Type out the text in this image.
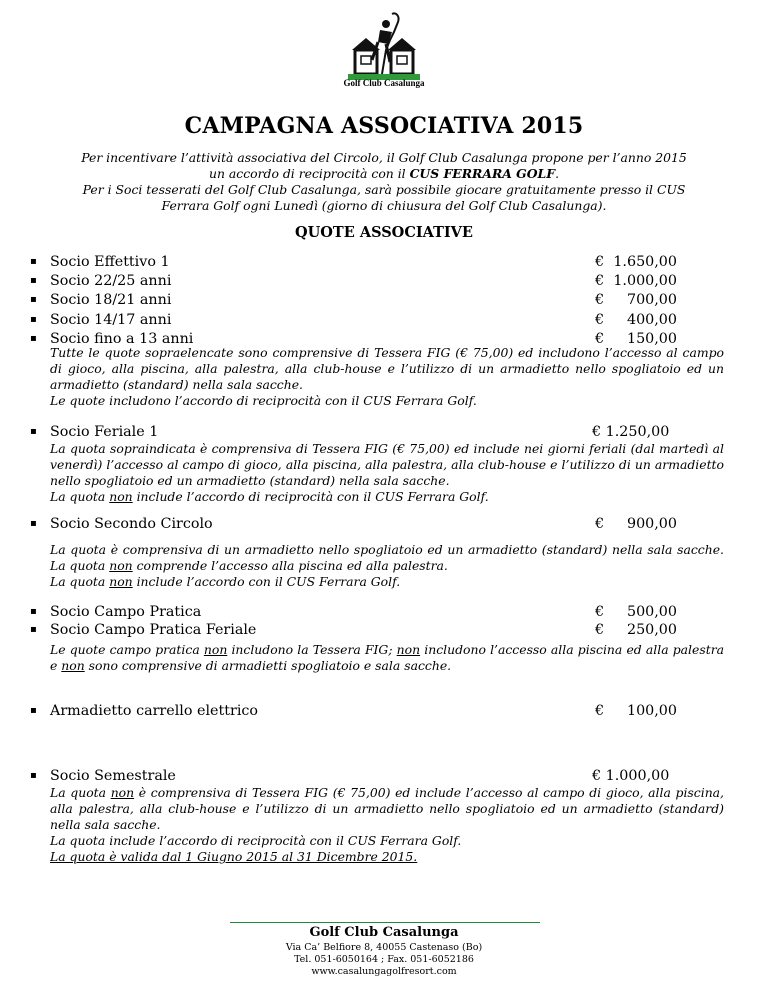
Golf Club Casalunga
CAMPAGNA ASSOCIATIVA 2015
Per incentivare l’attività associativa del Circolo, il Golf Club Casalunga propone per l’anno 2015
un accordo di reciprocità con il CUS FERRARA GOLF.
Per i Soci tesserati del Golf Club Casalunga, sarà possibile giocare gratuitamente presso il CUS
Ferrara Golf ogni Lunedì (giorno di chiusura del Golf Club Casalunga).
QUOTE ASSOCIATIVE
▪ Socio Effettivo 1	€ 1.650,00
▪ Socio 22/25 anni	€ 1.000,00
▪ Socio 18/21 anni	€ 700,00
▪ Socio 14/17 anni	€ 400,00
▪ Socio fino a 13 anni	€ 150,00
Tutte le quote sopraelencate sono comprensive di Tessera FIG (€ 75,00) ed includono l’accesso al campo di gioco, alla piscina, alla palestra, alla club-house e l’utilizzo di un armadietto nello spogliatoio ed un armadietto (standard) nella sala sacche.
Le quote includono l’accordo di reciprocità con il CUS Ferrara Golf.
▪ Socio Feriale 1	€ 1.250,00
La quota sopraindicata è comprensiva di Tessera FIG (€ 75,00) ed include nei giorni feriali (dal martedì al venerdì) l’accesso al campo di gioco, alla piscina, alla palestra, alla club-house e l’utilizzo di un armadietto nello spogliatoio ed un armadietto (standard) nella sala sacche.
La quota non include l’accordo di reciprocità con il CUS Ferrara Golf.
▪ Socio Secondo Circolo	€ 900,00
La quota è comprensiva di un armadietto nello spogliatoio ed un armadietto (standard) nella sala sacche. La quota non comprende l’accesso alla piscina ed alla palestra.
La quota non include l’accordo con il CUS Ferrara Golf.
▪ Socio Campo Pratica	€ 500,00
▪ Socio Campo Pratica Feriale	€ 250,00
Le quote campo pratica non includono la Tessera FIG; non includono l’accesso alla piscina ed alla palestra e non sono comprensive di armadietti spogliatoio e sala sacche.
▪ Armadietto carrello elettrico	€ 100,00
▪ Socio Semestrale	€ 1.000,00
La quota non è comprensiva di Tessera FIG (€ 75,00) ed include l’accesso al campo di gioco, alla piscina, alla palestra, alla club-house e l’utilizzo di un armadietto nello spogliatoio ed un armadietto (standard) nella sala sacche.
La quota include l’accordo di reciprocità con il CUS Ferrara Golf.
La quota è valida dal 1 Giugno 2015 al 31 Dicembre 2015.
Golf Club Casalunga
Via Ca’ Belfiore 8, 40055 Castenaso (Bo)
Tel. 051-6050164 ; Fax. 051-6052186
www.casalungagolfresort.com
